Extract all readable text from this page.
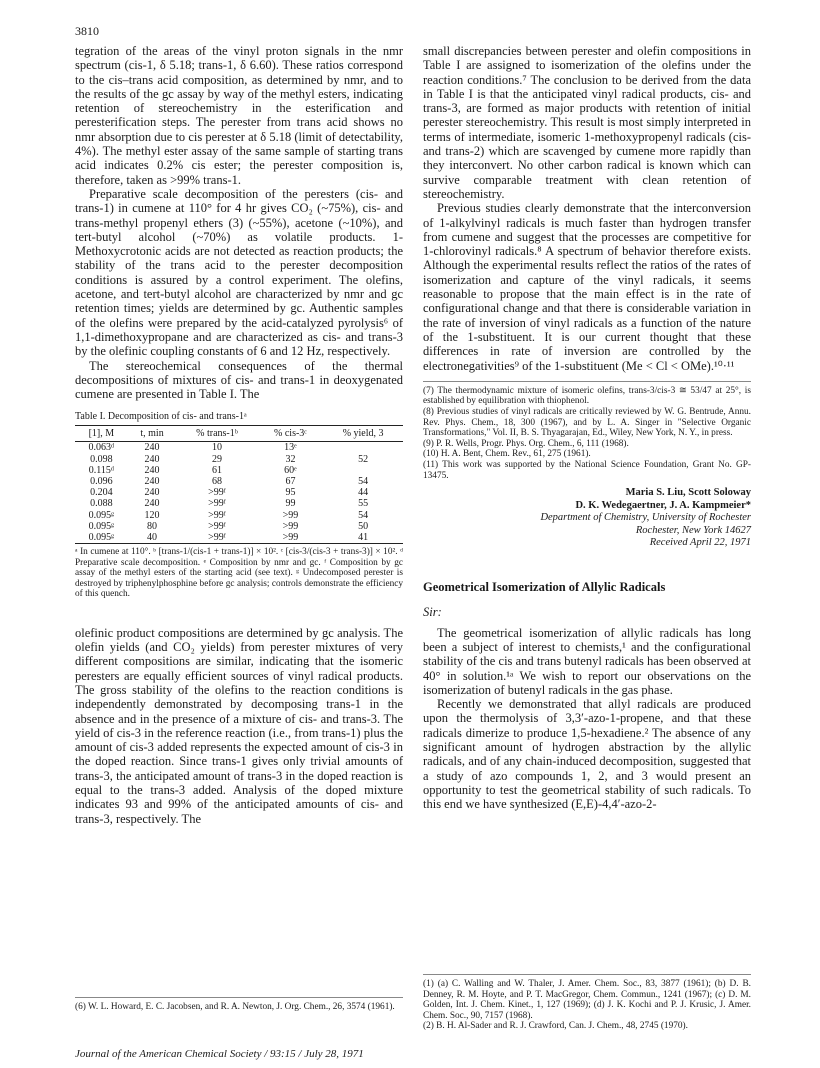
3810

tegration of the areas of the vinyl proton signals in the nmr spectrum (cis-1, δ 5.18; trans-1, δ 6.60). These ratios correspond to the cis–trans acid composition, as determined by nmr, and to the results of the gc assay by way of the methyl esters, indicating retention of stereochemistry in the esterification and peresterification steps. The perester from trans acid shows no nmr absorption due to cis perester at δ 5.18 (limit of detectability, 4%). The methyl ester assay of the same sample of starting trans acid indicates 0.2% cis ester; the perester composition is, therefore, taken as >99% trans-1.

Preparative scale decomposition of the peresters (cis- and trans-1) in cumene at 110° for 4 hr gives CO₂ (~75%), cis- and trans-methyl propenyl ethers (3) (~55%), acetone (~10%), and tert-butyl alcohol (~70%) as volatile products. 1-Methoxycrotonic acids are not detected as reaction products; the stability of the trans acid to the perester decomposition conditions is assured by a control experiment. The olefins, acetone, and tert-butyl alcohol are characterized by nmr and gc retention times; yields are determined by gc. Authentic samples of the olefins were prepared by the acid-catalyzed pyrolysis⁶ of 1,1-dimethoxypropane and are characterized as cis- and trans-3 by the olefinic coupling constants of 6 and 12 Hz, respectively.

The stereochemical consequences of the thermal decompositions of mixtures of cis- and trans-1 in deoxygenated cumene are presented in Table I. The

Table I. Decomposition of cis- and trans-1ᵃ
[1], M	t, min	% trans-1ᵇ	% cis-3ᶜ	% yield, 3
0.063ᵈ	240	10	13ᵉ	
0.098	240	29	32	52
0.115ᵈ	240	61	60ᵉ	
0.096	240	68	67	54
0.204	240	>99ᶠ	95	44
0.088	240	>99ᶠ	99	55
0.095ᵍ	120	>99ᶠ	>99	54
0.095ᵍ	80	>99ᶠ	>99	50
0.095ᵍ	40	>99ᶠ	>99	41
ᵃ In cumene at 110°. ᵇ [trans-1/(cis-1 + trans-1)] × 10². ᶜ [cis-3/(cis-3 + trans-3)] × 10². ᵈ Preparative scale decomposition. ᵉ Composition by nmr and gc. ᶠ Composition by gc assay of the methyl esters of the starting acid (see text). ᵍ Undecomposed perester is destroyed by triphenylphosphine before gc analysis; controls demonstrate the efficiency of this quench.

olefinic product compositions are determined by gc analysis. The olefin yields (and CO₂ yields) from perester mixtures of very different compositions are similar, indicating that the isomeric peresters are equally efficient sources of vinyl radical products. The gross stability of the olefins to the reaction conditions is independently demonstrated by decomposing trans-1 in the absence and in the presence of a mixture of cis- and trans-3. The yield of cis-3 in the reference reaction (i.e., from trans-1) plus the amount of cis-3 added represents the expected amount of cis-3 in the doped reaction. Since trans-1 gives only trivial amounts of trans-3, the anticipated amount of trans-3 in the doped reaction is equal to the trans-3 added. Analysis of the doped mixture indicates 93 and 99% of the anticipated amounts of cis- and trans-3, respectively. The

(6) W. L. Howard, E. C. Jacobsen, and R. A. Newton, J. Org. Chem., 26, 3574 (1961).

small discrepancies between perester and olefin compositions in Table I are assigned to isomerization of the olefins under the reaction conditions.⁷ The conclusion to be derived from the data in Table I is that the anticipated vinyl radical products, cis- and trans-3, are formed as major products with retention of initial perester stereochemistry. This result is most simply interpreted in terms of intermediate, isomeric 1-methoxypropenyl radicals (cis- and trans-2) which are scavenged by cumene more rapidly than they interconvert. No other carbon radical is known which can survive comparable treatment with clean retention of stereochemistry.

Previous studies clearly demonstrate that the interconversion of 1-alkylvinyl radicals is much faster than hydrogen transfer from cumene and suggest that the processes are competitive for 1-chlorovinyl radicals.⁸ A spectrum of behavior therefore exists. Although the experimental results reflect the ratios of the rates of isomerization and capture of the vinyl radicals, it seems reasonable to propose that the main effect is in the rate of configurational change and that there is considerable variation in the rate of inversion of vinyl radicals as a function of the nature of the 1-substituent. It is our current thought that these differences in rate of inversion are controlled by the electronegativities⁹ of the 1-substituent (Me < Cl < OMe).¹⁰·¹¹

(7) The thermodynamic mixture of isomeric olefins, trans-3/cis-3 ≅ 53/47 at 25°, is established by equilibration with thiophenol.
(8) Previous studies of vinyl radicals are critically reviewed by W. G. Bentrude, Annu. Rev. Phys. Chem., 18, 300 (1967), and by L. A. Singer in "Selective Organic Transformations," Vol. II, B. S. Thyagarajan, Ed., Wiley, New York, N. Y., in press.
(9) P. R. Wells, Progr. Phys. Org. Chem., 6, 111 (1968).
(10) H. A. Bent, Chem. Rev., 61, 275 (1961).
(11) This work was supported by the National Science Foundation, Grant No. GP-13475.
Maria S. Liu, Scott Soloway
D. K. Wedegaertner, J. A. Kampmeier*
Department of Chemistry, University of Rochester
Rochester, New York 14627
Received April 22, 1971
Geometrical Isomerization of Allylic Radicals
Sir:

The geometrical isomerization of allylic radicals has long been a subject of interest to chemists,¹ and the configurational stability of the cis and trans butenyl radicals has been observed at 40° in solution.¹ᵃ We wish to report our observations on the isomerization of butenyl radicals in the gas phase.

Recently we demonstrated that allyl radicals are produced upon the thermolysis of 3,3′-azo-1-propene, and that these radicals dimerize to produce 1,5-hexadiene.² The absence of any significant amount of hydrogen abstraction by the allylic radicals, and of any chain-induced decomposition, suggested that a study of azo compounds 1, 2, and 3 would present an opportunity to test the geometrical stability of such radicals. To this end we have synthesized (E,E)-4,4′-azo-2-

(1) (a) C. Walling and W. Thaler, J. Amer. Chem. Soc., 83, 3877 (1961); (b) D. B. Denney, R. M. Hoyte, and P. T. MacGregor, Chem. Commun., 1241 (1967); (c) D. M. Golden, Int. J. Chem. Kinet., 1, 127 (1969); (d) J. K. Kochi and P. J. Krusic, J. Amer. Chem. Soc., 90, 7157 (1968).
(2) B. H. Al-Sader and R. J. Crawford, Can. J. Chem., 48, 2745 (1970).
Journal of the American Chemical Society / 93:15 / July 28, 1971
